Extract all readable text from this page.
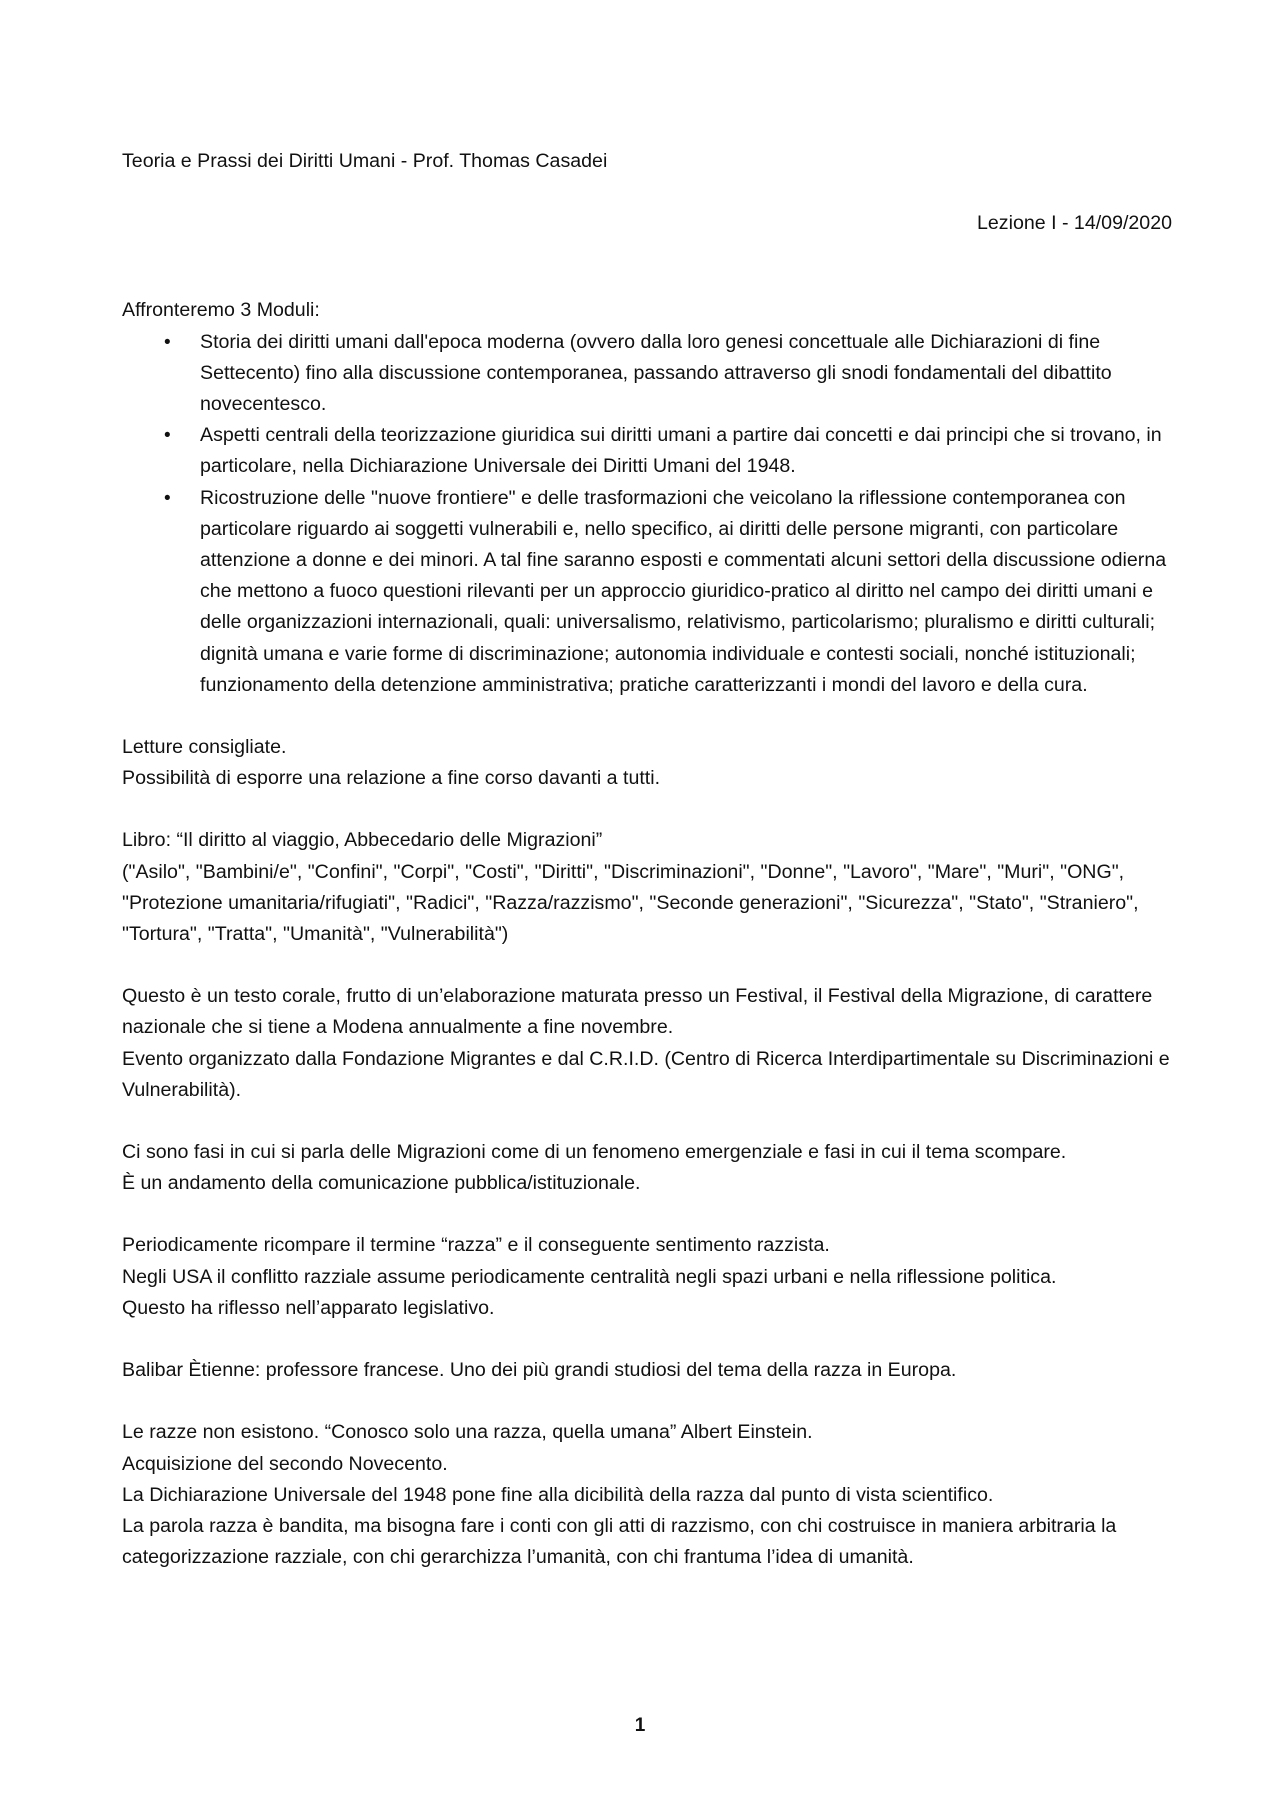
Teoria e Prassi dei Diritti Umani - Prof. Thomas Casadei

Lezione I - 14/09/2020

Affronteremo 3 Moduli:

• Storia dei diritti umani dall'epoca moderna (ovvero dalla loro genesi concettuale alle Dichiarazioni di fine Settecento) fino alla discussione contemporanea, passando attraverso gli snodi fondamentali del dibattito novecentesco.
• Aspetti centrali della teorizzazione giuridica sui diritti umani a partire dai concetti e dai principi che si trovano, in particolare, nella Dichiarazione Universale dei Diritti Umani del 1948.
• Ricostruzione delle "nuove frontiere" e delle trasformazioni che veicolano la riflessione contemporanea con particolare riguardo ai soggetti vulnerabili e, nello specifico, ai diritti delle persone migranti, con particolare attenzione a donne e dei minori. A tal fine saranno esposti e commentati alcuni settori della discussione odierna che mettono a fuoco questioni rilevanti per un approccio giuridico-pratico al diritto nel campo dei diritti umani e delle organizzazioni internazionali, quali: universalismo, relativismo, particolarismo; pluralismo e diritti culturali; dignità umana e varie forme di discriminazione; autonomia individuale e contesti sociali, nonché istituzionali; funzionamento della detenzione amministrativa; pratiche caratterizzanti i mondi del lavoro e della cura.

Letture consigliate.

Possibilità di esporre una relazione a fine corso davanti a tutti.

Libro: “Il diritto al viaggio, Abbecedario delle Migrazioni”

("Asilo", "Bambini/e", "Confini", "Corpi", "Costi", "Diritti", "Discriminazioni", "Donne", "Lavoro", "Mare", "Muri", "ONG", "Protezione umanitaria/rifugiati", "Radici", "Razza/razzismo", "Seconde generazioni", "Sicurezza", "Stato", "Straniero", "Tortura", "Tratta", "Umanità", "Vulnerabilità")

Questo è un testo corale, frutto di un’elaborazione maturata presso un Festival, il Festival della Migrazione, di carattere nazionale che si tiene a Modena annualmente a fine novembre.

Evento organizzato dalla Fondazione Migrantes e dal C.R.I.D. (Centro di Ricerca Interdipartimentale su Discriminazioni e Vulnerabilità).

Ci sono fasi in cui si parla delle Migrazioni come di un fenomeno emergenziale e fasi in cui il tema scompare.

È un andamento della comunicazione pubblica/istituzionale.

Periodicamente ricompare il termine “razza” e il conseguente sentimento razzista.

Negli USA il conflitto razziale assume periodicamente centralità negli spazi urbani e nella riflessione politica.

Questo ha riflesso nell’apparato legislativo.

Balibar Ètienne: professore francese. Uno dei più grandi studiosi del tema della razza in Europa.

Le razze non esistono. “Conosco solo una razza, quella umana” Albert Einstein.

Acquisizione del secondo Novecento.

La Dichiarazione Universale del 1948 pone fine alla dicibilità della razza dal punto di vista scientifico.

La parola razza è bandita, ma bisogna fare i conti con gli atti di razzismo, con chi costruisce in maniera arbitraria la categorizzazione razziale, con chi gerarchizza l’umanità, con chi frantuma l’idea di umanità.

1
